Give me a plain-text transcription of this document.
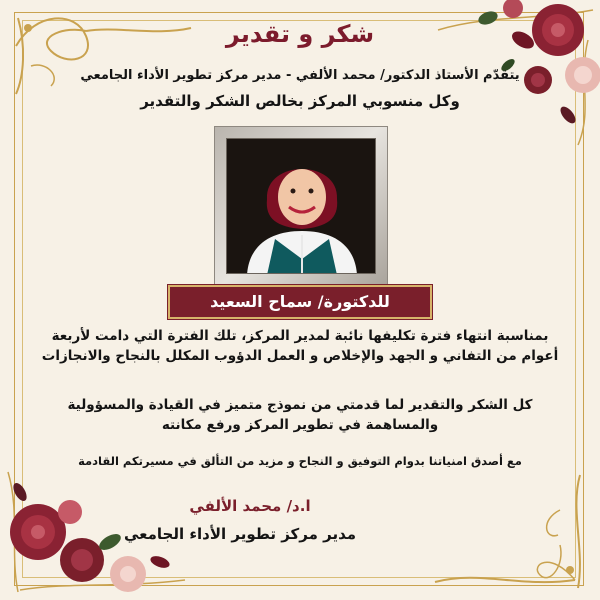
شكر و تقدير
يتقدّم الأستاذ الدكتور/ محمد الألفي - مدير مركز تطوير الأداء الجامعي
وكل منسوبي المركز بخالص الشكر والتقدير
للدكتورة/ سماح السعيد
بمناسبة انتهاء فترة تكليفها نائبة لمدير المركز، تلك الفترة التي دامت لأربعة أعوام من التفاني و الجهد والإخلاص و العمل الدؤوب المكلل بالنجاح والانجازات
كل الشكر والتقدير لما قدمتي من نموذج متميز في القيادة والمسؤولية والمساهمة في تطوير المركز ورفع مكانته
مع أصدق امنياتنا بدوام التوفيق و النجاح و مزيد من التألق في مسيرتكم القادمة
ا.د/ محمد الألفي
مدير مركز تطوير الأداء الجامعي
